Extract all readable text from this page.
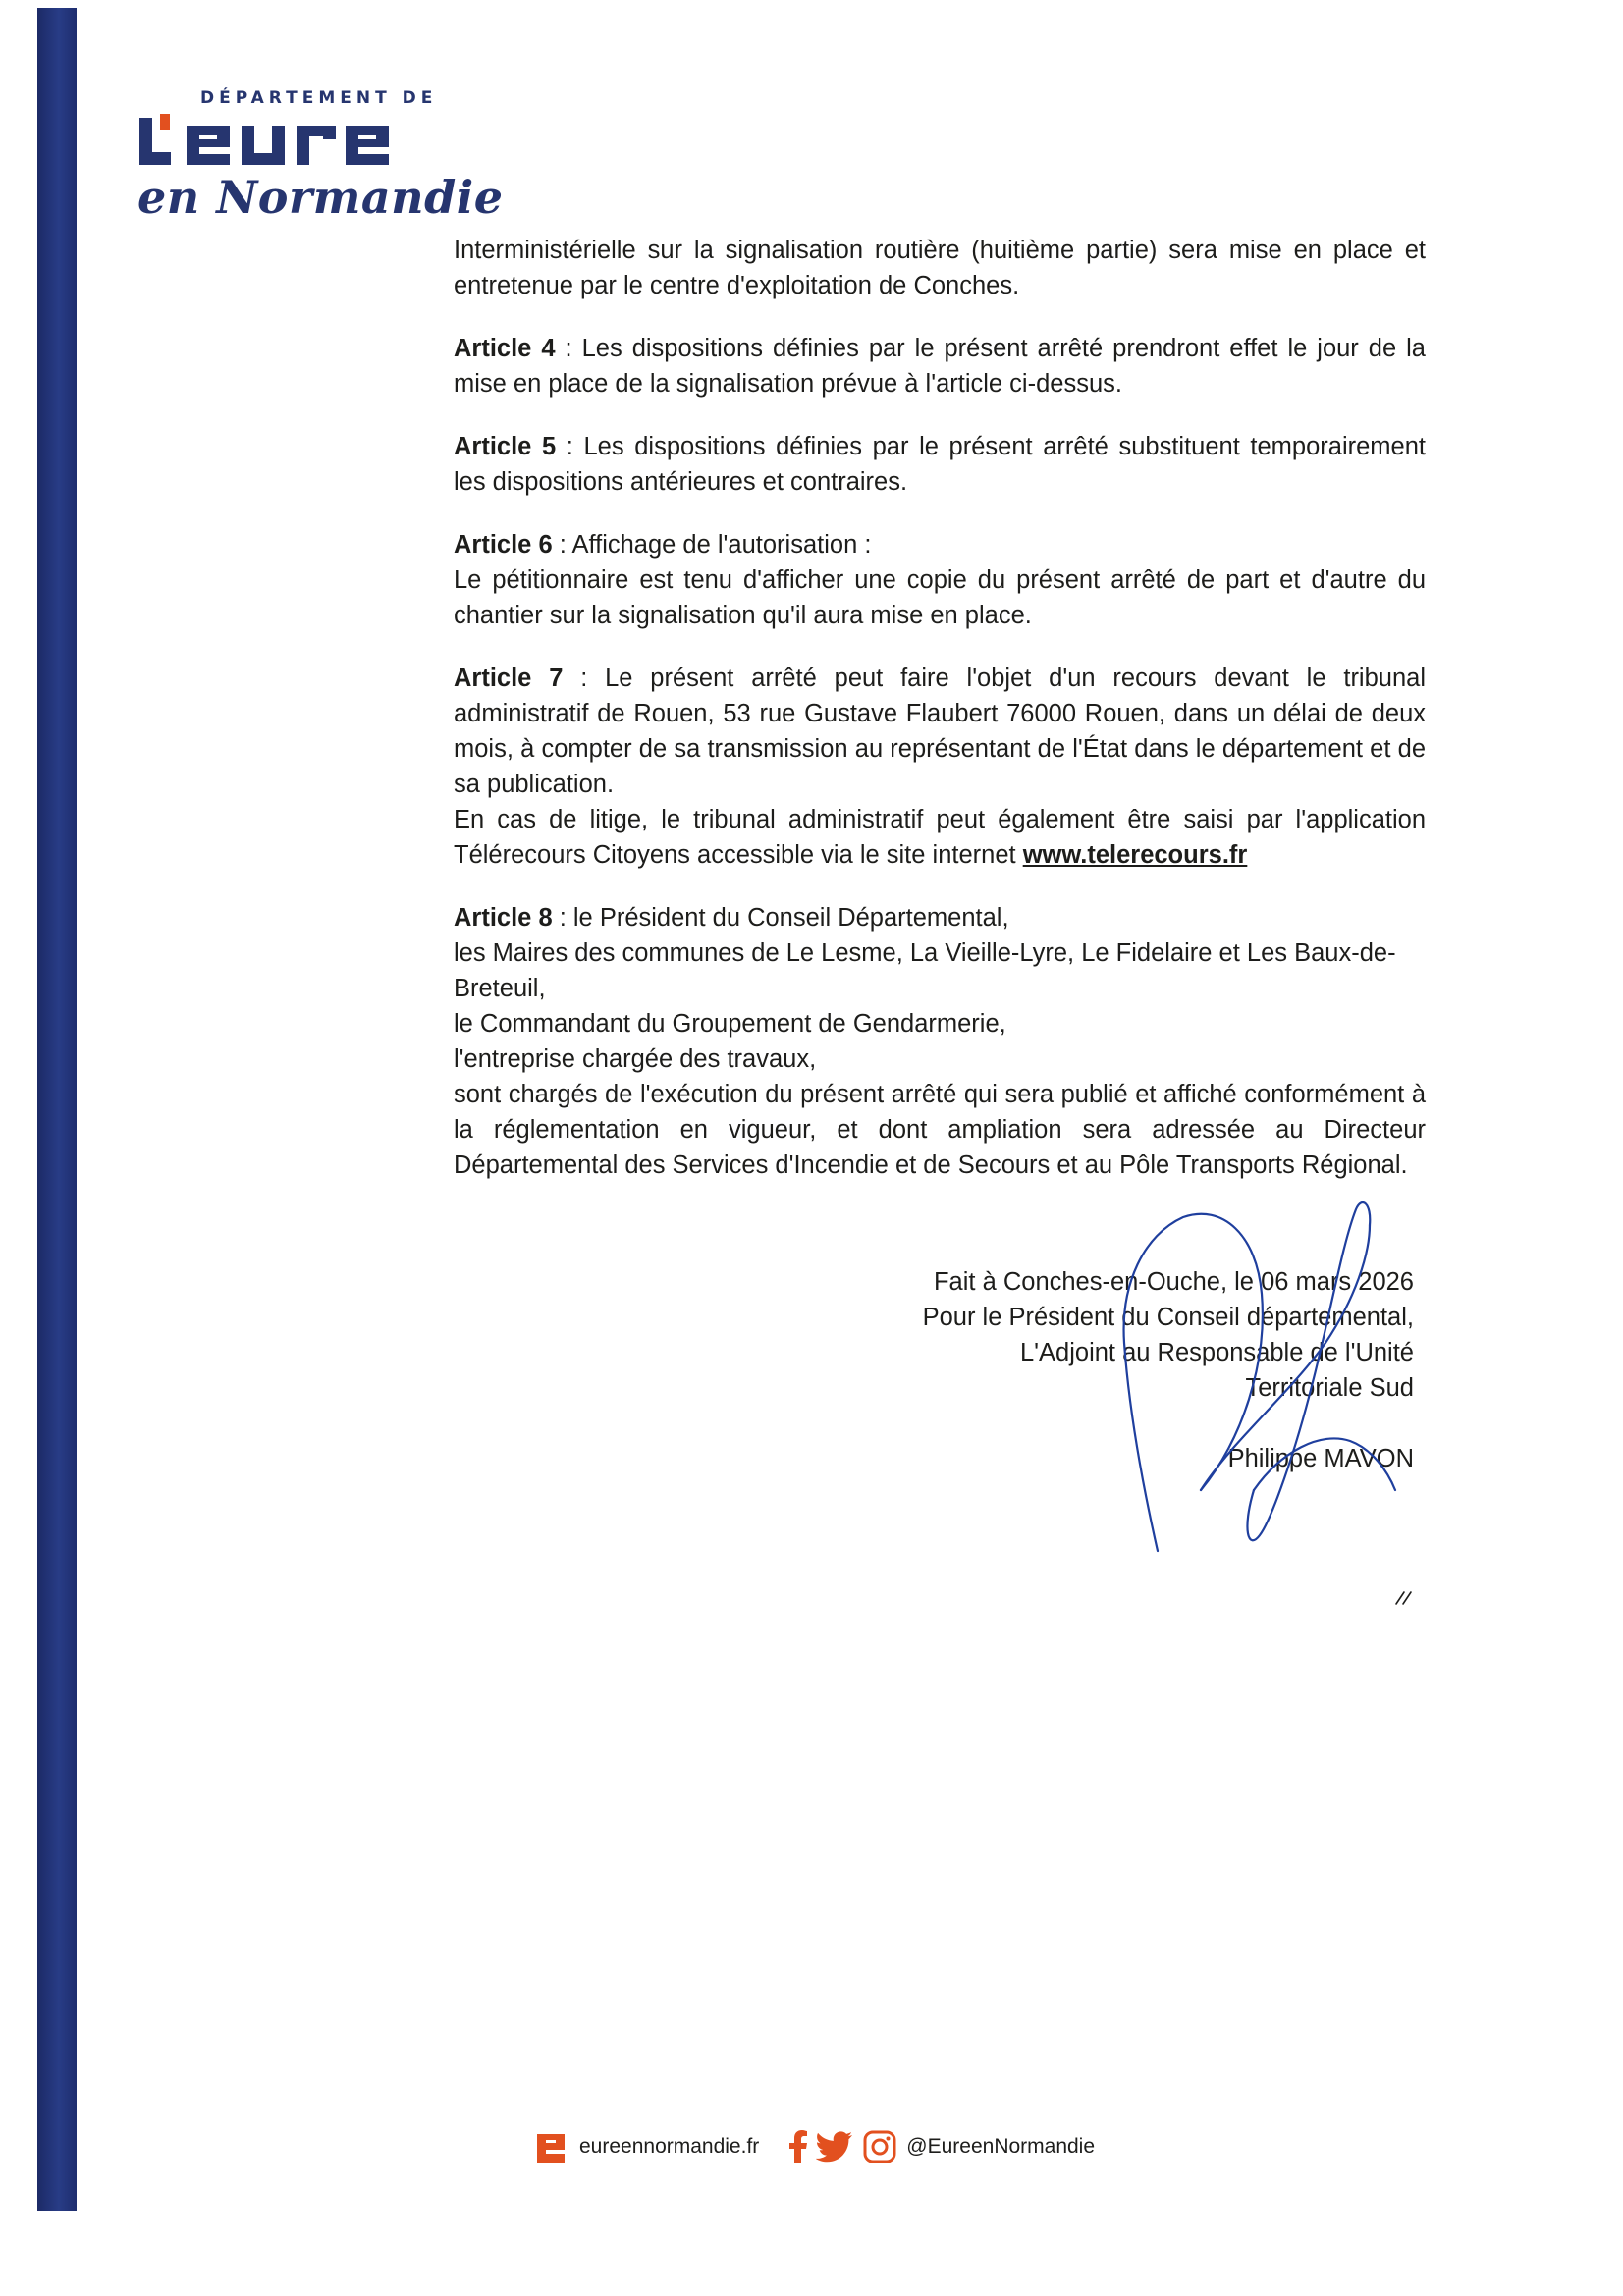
DÉPARTEMENT DE
L'EURE
en Normandie

Interministérielle sur la signalisation routière (huitième partie) sera mise en place et entretenue par le centre d'exploitation de Conches.

Article 4 : Les dispositions définies par le présent arrêté prendront effet le jour de la mise en place de la signalisation prévue à l'article ci-dessus.

Article 5 : Les dispositions définies par le présent arrêté substituent temporairement les dispositions antérieures et contraires.

Article 6 : Affichage de l'autorisation :
Le pétitionnaire est tenu d'afficher une copie du présent arrêté de part et d'autre du chantier sur la signalisation qu'il aura mise en place.

Article 7 : Le présent arrêté peut faire l'objet d'un recours devant le tribunal administratif de Rouen, 53 rue Gustave Flaubert 76000 Rouen, dans un délai de deux mois, à compter de sa transmission au représentant de l'État dans le département et de sa publication.
En cas de litige, le tribunal administratif peut également être saisi par l'application Télérecours Citoyens accessible via le site internet www.telerecours.fr

Article 8 : le Président du Conseil Départemental,
les Maires des communes de Le Lesme, La Vieille-Lyre, Le Fidelaire et Les Baux-de-Breteuil,
le Commandant du Groupement de Gendarmerie,
l'entreprise chargée des travaux,
sont chargés de l'exécution du présent arrêté qui sera publié et affiché conformément à la réglementation en vigueur, et dont ampliation sera adressée au Directeur Départemental des Services d'Incendie et de Secours et au Pôle Transports Régional.

Fait à Conches-en-Ouche, le 06 mars 2026
Pour le Président du Conseil départemental,
L'Adjoint au Responsable de l'Unité
Territoriale Sud
Philippe MAVON
eureennormandie.fr	@EureenNormandie
